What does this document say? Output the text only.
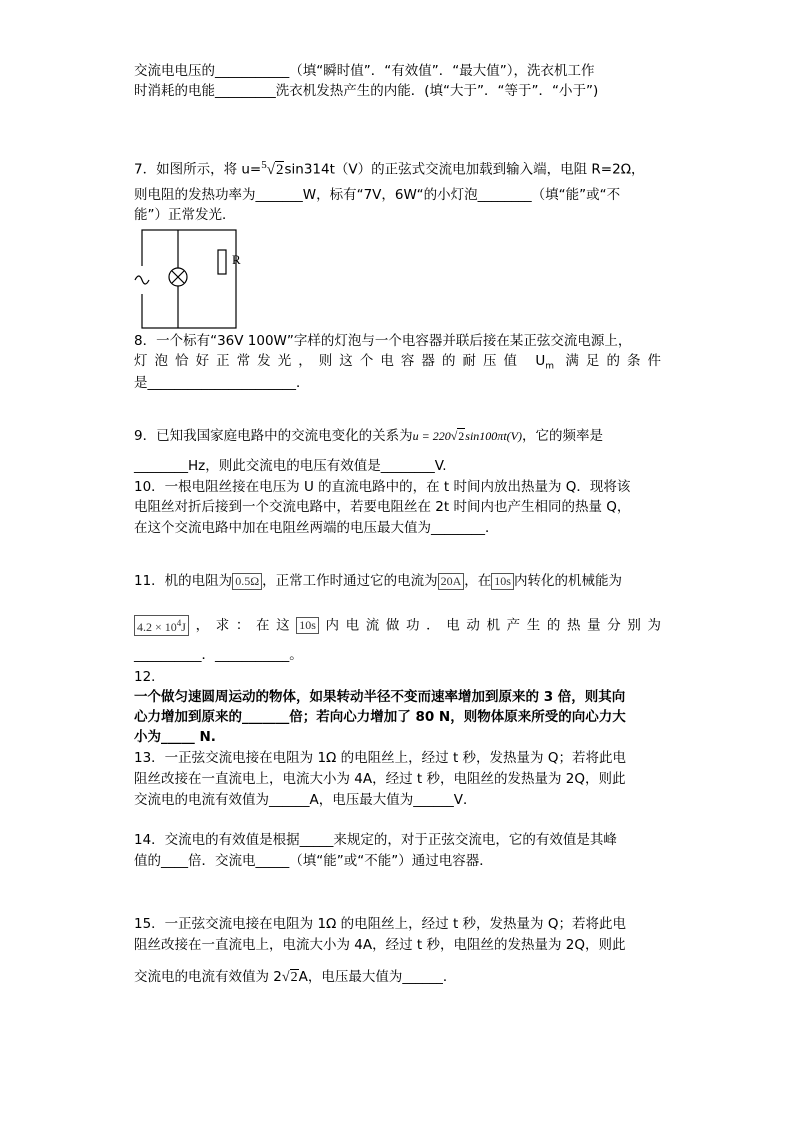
交流电电压的___________（填“瞬时值”．“有效值”．“最大值”），洗衣机工作
时消耗的电能_________洗衣机发热产生的内能．(填“大于”．“等于”．“小于”)
7．如图所示，将 u=$^5$√2sin314t（V）的正弦式交流电加载到输入端，电阻 R=2Ω，
则电阻的发热功率为_______W，标有“7V，6W“的小灯泡________（填“能”或“不
能”）正常发光．
R
8．一个标有“36V 100W”字样的灯泡与一个电容器并联后接在某正弦交流电源上，
灯泡恰好正常发光，则这个电容器的耐压值 $U_m$ 满足的条件
是______________________．
9．已知我国家庭电路中的交流电变化的关系为u = 220√2sin100πt(V)，它的频率是
________Hz，则此交流电的电压有效值是________V.
10．一根电阻丝接在电压为 U 的直流电路中的，在 t 时间内放出热量为 Q．现将该
电阻丝对折后接到一个交流电路中，若要电阻丝在 2t 时间内也产生相同的热量 Q，
在这个交流电路中加在电阻丝两端的电压最大值为________．
11．机的电阻为 0.5Ω ，正常工作时通过它的电流为 20A ，在 10s 内转化的机械能为
$4.2 \times 10^4J$ ，求：在这 10s 内电流做功．电动机产生的热量分别为
__________．___________。
12．
一个做匀速圆周运动的物体，如果转动半径不变而速率增加到原来的 3 倍，则其向
心力增加到原来的_______倍；若向心力增加了 80 N，则物体原来所受的向心力大
小为_____ N.
13．一正弦交流电接在电阻为 1Ω 的电阻丝上，经过 t 秒，发热量为 Q；若将此电
阻丝改接在一直流电上，电流大小为 4A，经过 t 秒，电阻丝的发热量为 2Q，则此
交流电的电流有效值为______A，电压最大值为______V．
14．交流电的有效值是根据_____来规定的，对于正弦交流电，它的有效值是其峰
值的____倍．交流电_____（填“能”或“不能”）通过电容器．
15．一正弦交流电接在电阻为 1Ω 的电阻丝上，经过 t 秒，发热量为 Q；若将此电
阻丝改接在一直流电上，电流大小为 4A，经过 t 秒，电阻丝的发热量为 2Q，则此
交流电的电流有效值为 2√2A，电压最大值为______．
